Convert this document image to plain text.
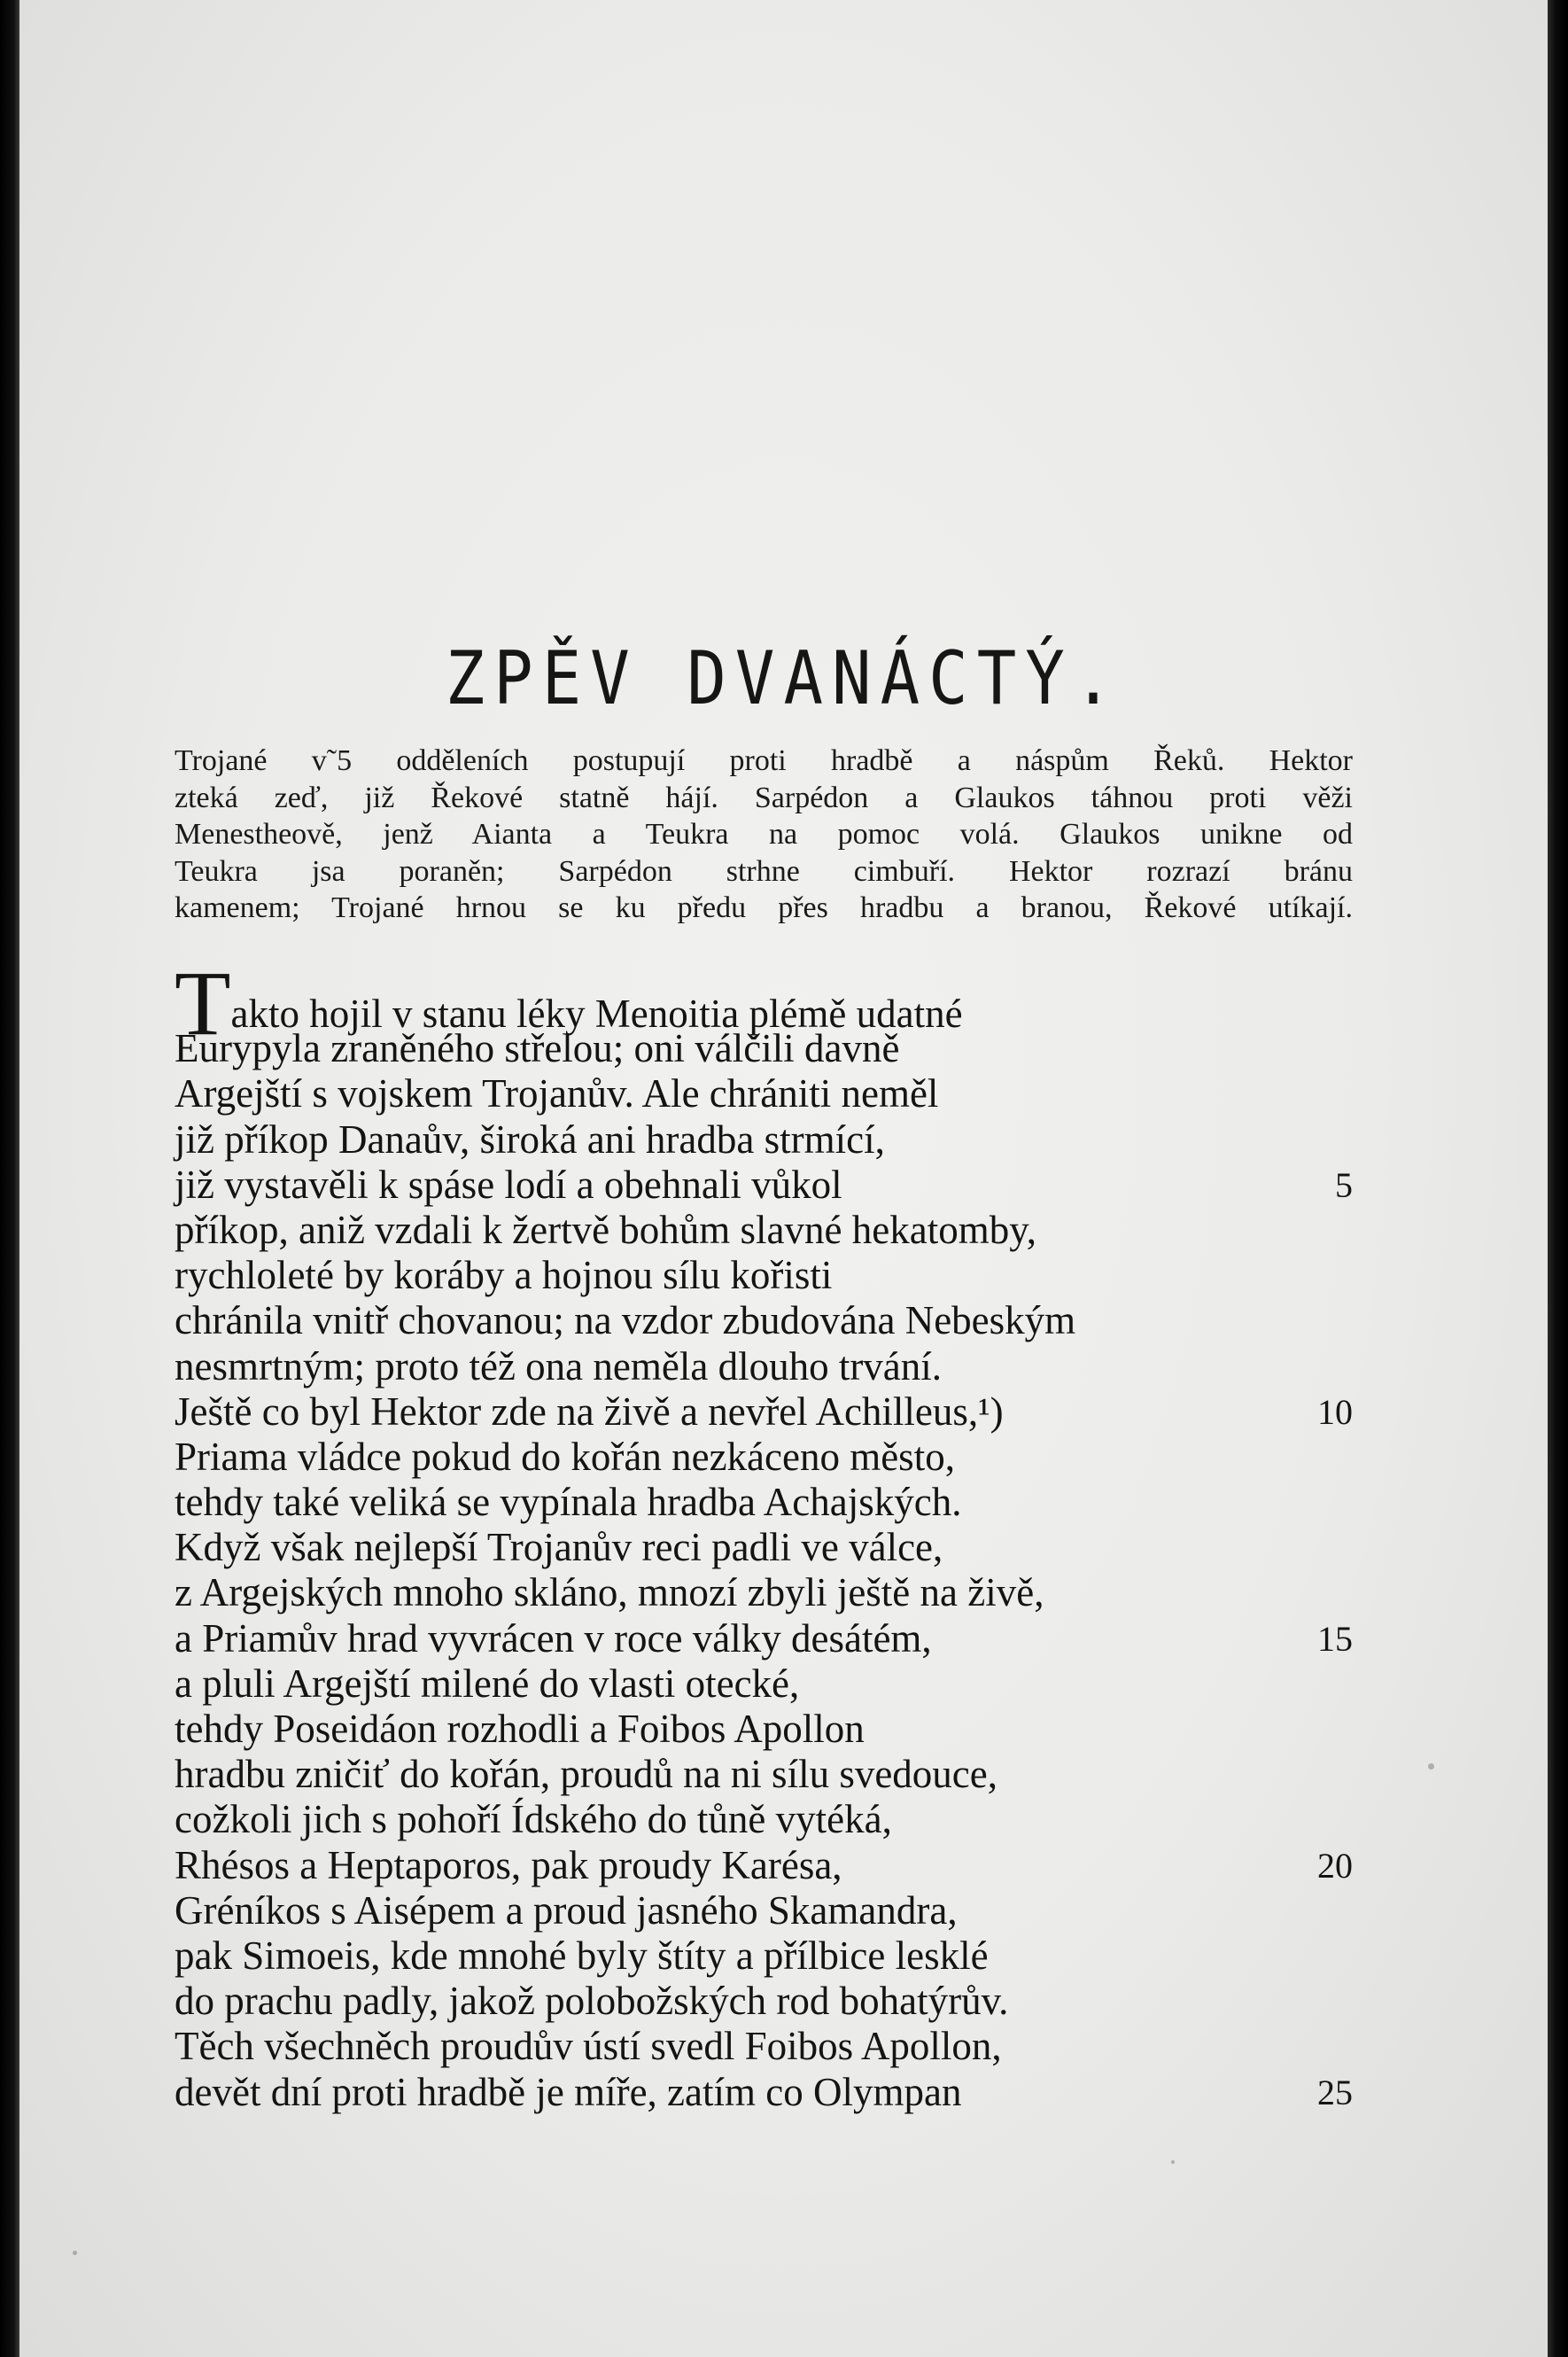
ZPĚV DVANÁCTÝ.
Trojané v˜5 odděleních postupují proti hradbě a náspům Řeků. Hektor
zteká zeď, již Řekové statně hájí. Sarpédon a Glaukos táhnou proti věži
Menestheově, jenž Aianta a Teukra na pomoc volá. Glaukos unikne od
Teukra jsa poraněn; Sarpédon strhne cimbuří. Hektor rozrazí bránu
kamenem; Trojané hrnou se ku předu přes hradbu a branou, Řekové utíkají.
Takto hojil v stanu léky Menoitia plémě udatné
Eurypyla zraněného střelou; oni válčili davně
Argejští s vojskem Trojanův. Ale chrániti neměl
již příkop Danaův, široká ani hradba strmící,
již vystavěli k spáse lodí a obehnali vůkol	5
příkop, aniž vzdali k žertvě bohům slavné hekatomby,
rychloleté by koráby a hojnou sílu kořisti
chránila vnitř chovanou; na vzdor zbudována Nebeským
nesmrtným; proto též ona neměla dlouho trvání.
Ještě co byl Hektor zde na živě a nevřel Achilleus,¹)	10
Priama vládce pokud do kořán nezkáceno město,
tehdy také veliká se vypínala hradba Achajských.
Když však nejlepší Trojanův reci padli ve válce,
z Argejských mnoho skláno, mnozí zbyli ještě na živě,
a Priamův hrad vyvrácen v roce války desátém,	15
a pluli Argejští milené do vlasti otecké,
tehdy Poseidáon rozhodli a Foibos Apollon
hradbu zničiť do kořán, proudů na ni sílu svedouce,
cožkoli jich s pohoří Ídského do tůně vytéká,
Rhésos a Heptaporos, pak proudy Karésa,	20
Gréníkos s Aisépem a proud jasného Skamandra,
pak Simoeis, kde mnohé byly štíty a přílbice lesklé
do prachu padly, jakož polobožských rod bohatýrův.
Těch všechněch proudův ústí svedl Foibos Apollon,
devět dní proti hradbě je míře, zatím co Olympan	25
